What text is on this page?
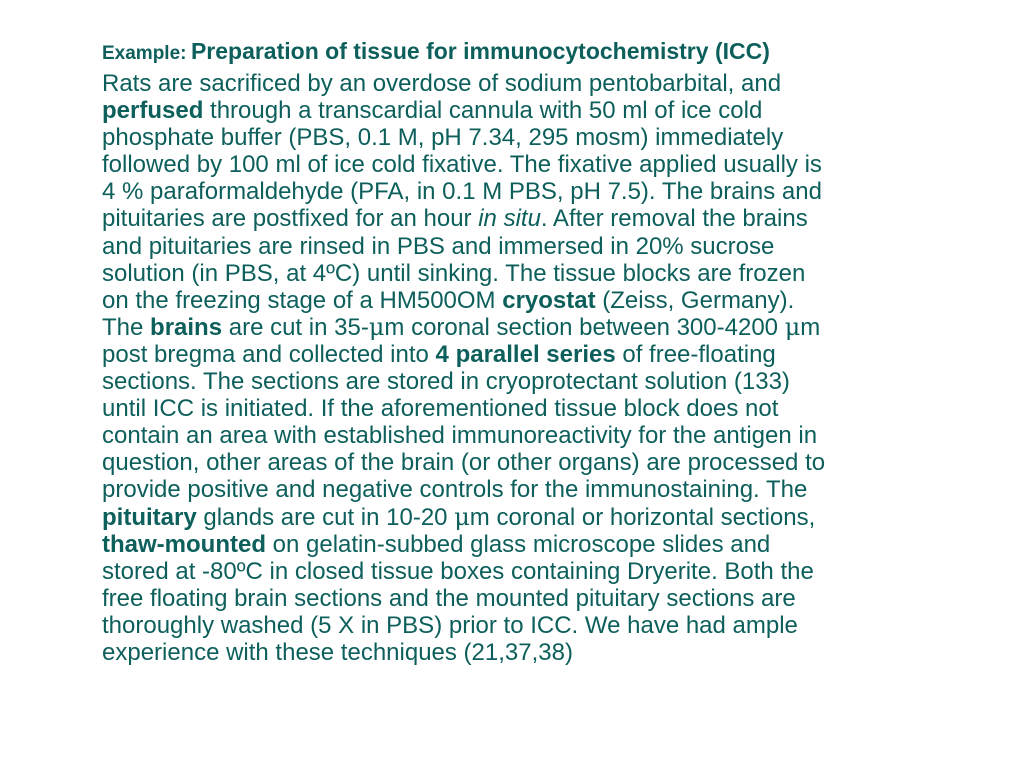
Example: Preparation of tissue for immunocytochemistry (ICC)
Rats are sacrificed by an overdose of sodium pentobarbital, and
perfused through a transcardial cannula with 50 ml of ice cold
phosphate buffer (PBS, 0.1 M, pH 7.34, 295 mosm) immediately
followed by 100 ml of ice cold fixative. The fixative applied usually is
4 % paraformaldehyde (PFA, in 0.1 M PBS, pH 7.5). The brains and
pituitaries are postfixed for an hour in situ. After removal the brains
and pituitaries are rinsed in PBS and immersed in 20% sucrose
solution (in PBS, at 4ºC) until sinking. The tissue blocks are frozen
on the freezing stage of a HM500OM cryostat (Zeiss, Germany).
The brains are cut in 35-μm coronal section between 300-4200 μm
post bregma and collected into 4 parallel series of free-floating
sections. The sections are stored in cryoprotectant solution (133)
until ICC is initiated. If the aforementioned tissue block does not
contain an area with established immunoreactivity for the antigen in
question, other areas of the brain (or other organs) are processed to
provide positive and negative controls for the immunostaining. The
pituitary glands are cut in 10-20 μm coronal or horizontal sections,
thaw-mounted on gelatin-subbed glass microscope slides and
stored at -80ºC in closed tissue boxes containing Dryerite. Both the
free floating brain sections and the mounted pituitary sections are
thoroughly washed (5 X in PBS) prior to ICC. We have had ample
experience with these techniques (21,37,38)
